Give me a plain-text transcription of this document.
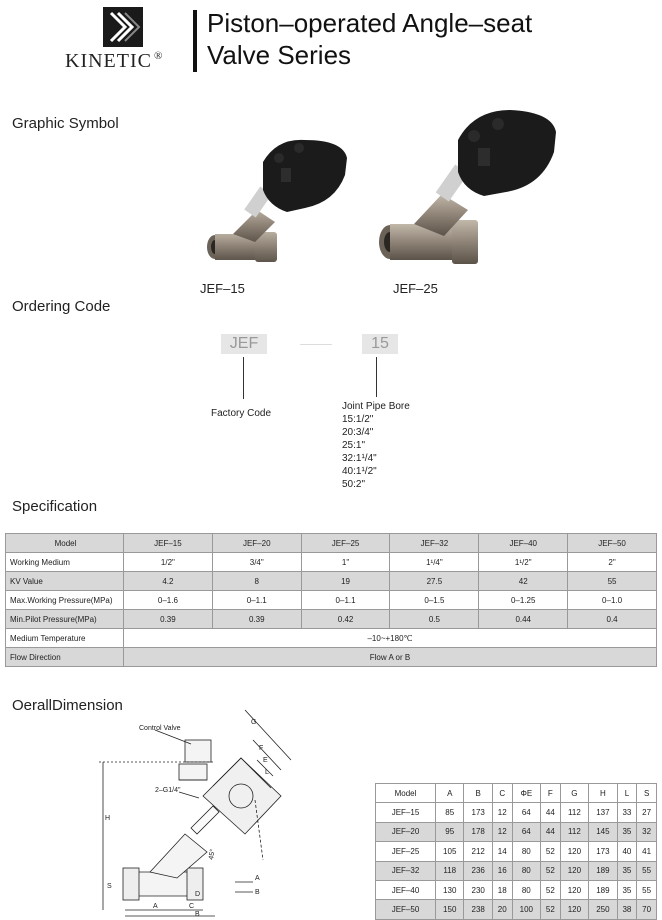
KINETIC ®
Piston–operated Angle–seat
Valve Series
Graphic Symbol
JEF–15	JEF–25
Ordering Code
JEF	15
Factory Code
Joint Pipe Bore
15:1/2"
20:3/4"
25:1"
32:1¹/4"
40:1¹/2"
50:2"
Specification
Model	JEF–15	JEF–20	JEF–25	JEF–32	JEF–40	JEF–50
Working Medium	1/2"	3/4"	1"	1¹/4"	1¹/2"	2"
KV Value	4.2	8	19	27.5	42	55
Max.Working Pressure(MPa)	0–1.6	0–1.1	0–1.1	0–1.5	0–1.25	0–1.0
Min.Pilot Pressure(MPa)	0.39	0.39	0.42	0.5	0.44	0.4
Medium Temperature	–10~+180℃					
Flow Direction	Flow A or B					
OerallDimension
Control Valve
2–G1/4"
45°
H
A
B
C
D
E
F
G
L
S
A
B
Model	A	B	C	ΦE	F	G	H	L	S
JEF–15	85	173	12	64	44	112	137	33	27
JEF–20	95	178	12	64	44	112	145	35	32
JEF–25	105	212	14	80	52	120	173	40	41
JEF–32	118	236	16	80	52	120	189	35	55
JEF–40	130	230	18	80	52	120	189	35	55
JEF–50	150	238	20	100	52	120	250	38	70
